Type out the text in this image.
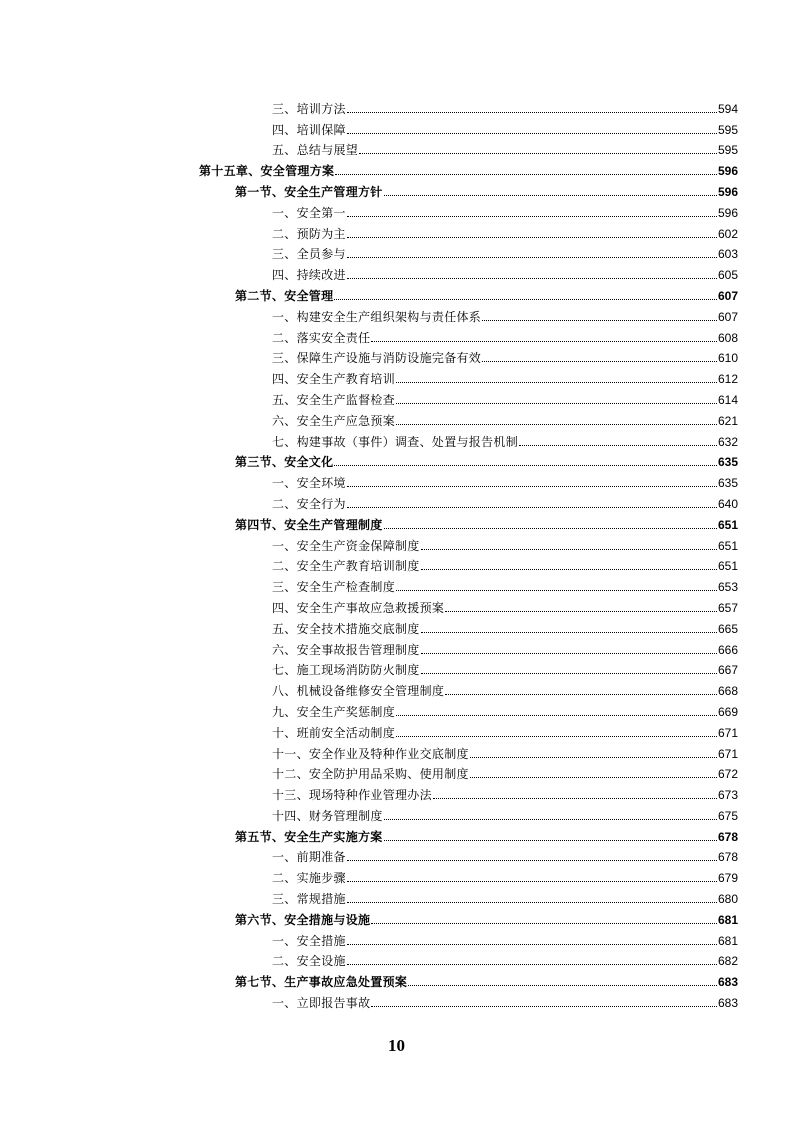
三、培训方法	594
四、培训保障	595
五、总结与展望	595
第十五章、安全管理方案	596
第一节、安全生产管理方针	596
一、安全第一	596
二、预防为主	602
三、全员参与	603
四、持续改进	605
第二节、安全管理	607
一、构建安全生产组织架构与责任体系	607
二、落实安全责任	608
三、保障生产设施与消防设施完备有效	610
四、安全生产教育培训	612
五、安全生产监督检查	614
六、安全生产应急预案	621
七、构建事故（事件）调查、处置与报告机制	632
第三节、安全文化	635
一、安全环境	635
二、安全行为	640
第四节、安全生产管理制度	651
一、安全生产资金保障制度	651
二、安全生产教育培训制度	651
三、安全生产检查制度	653
四、安全生产事故应急救援预案	657
五、安全技术措施交底制度	665
六、安全事故报告管理制度	666
七、施工现场消防防火制度	667
八、机械设备维修安全管理制度	668
九、安全生产奖惩制度	669
十、班前安全活动制度	671
十一、安全作业及特种作业交底制度	671
十二、安全防护用品采购、使用制度	672
十三、现场特种作业管理办法	673
十四、财务管理制度	675
第五节、安全生产实施方案	678
一、前期准备	678
二、实施步骤	679
三、常规措施	680
第六节、安全措施与设施	681
一、安全措施	681
二、安全设施	682
第七节、生产事故应急处置预案	683
一、立即报告事故	683
10
